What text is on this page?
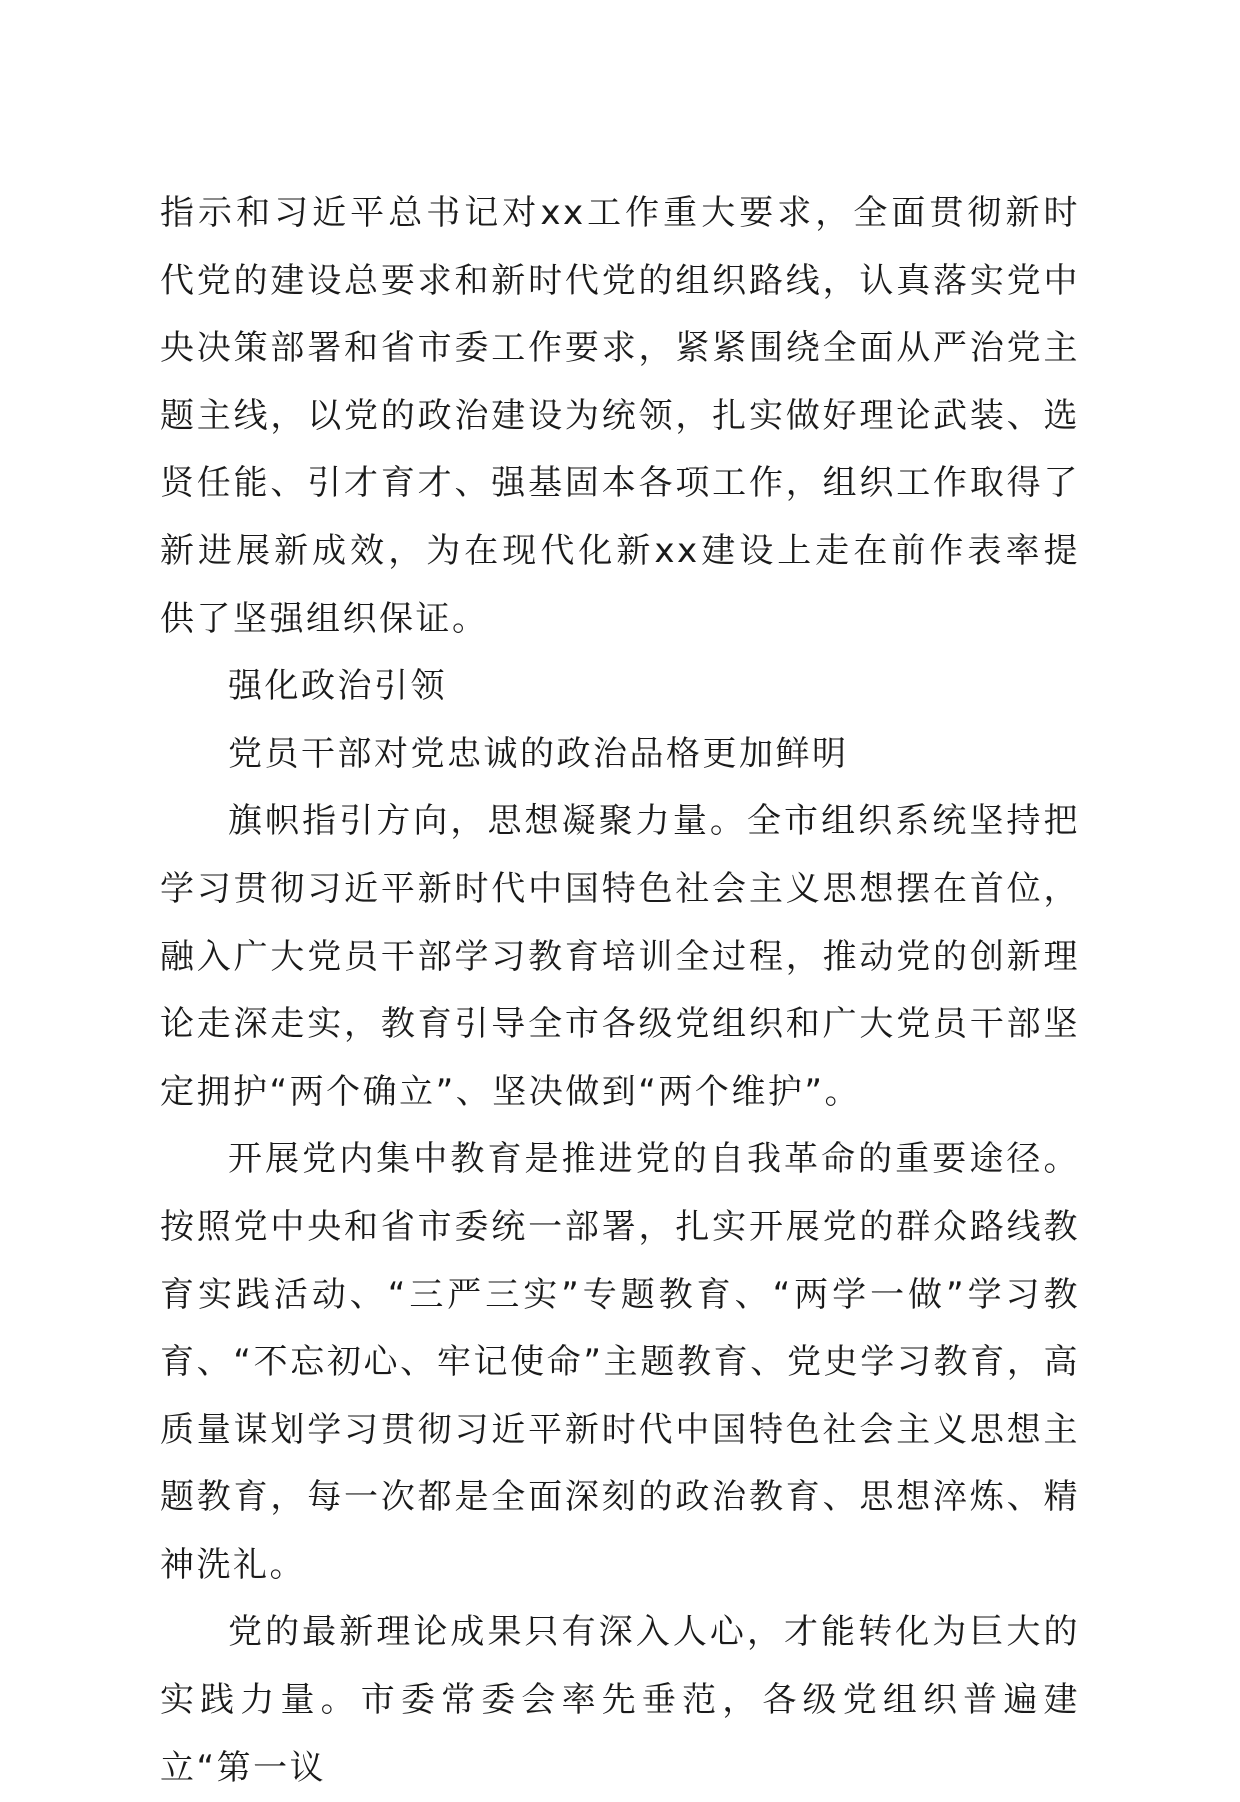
指示和习近平总书记对xx工作重大要求，全面贯彻新时代党的建设总要求和新时代党的组织路线，认真落实党中央决策部署和省市委工作要求，紧紧围绕全面从严治党主题主线，以党的政治建设为统领，扎实做好理论武装、选贤任能、引才育才、强基固本各项工作，组织工作取得了新进展新成效，为在现代化新xx建设上走在前作表率提供了坚强组织保证。

强化政治引领

党员干部对党忠诚的政治品格更加鲜明

旗帜指引方向，思想凝聚力量。全市组织系统坚持把学习贯彻习近平新时代中国特色社会主义思想摆在首位，融入广大党员干部学习教育培训全过程，推动党的创新理论走深走实，教育引导全市各级党组织和广大党员干部坚定拥护“两个确立”、坚决做到“两个维护”。

开展党内集中教育是推进党的自我革命的重要途径。按照党中央和省市委统一部署，扎实开展党的群众路线教育实践活动、“三严三实”专题教育、“两学一做”学习教育、“不忘初心、牢记使命”主题教育、党史学习教育，高质量谋划学习贯彻习近平新时代中国特色社会主义思想主题教育，每一次都是全面深刻的政治教育、思想淬炼、精神洗礼。

党的最新理论成果只有深入人心，才能转化为巨大的实践力量。市委常委会率先垂范，各级党组织普遍建立“第一议
